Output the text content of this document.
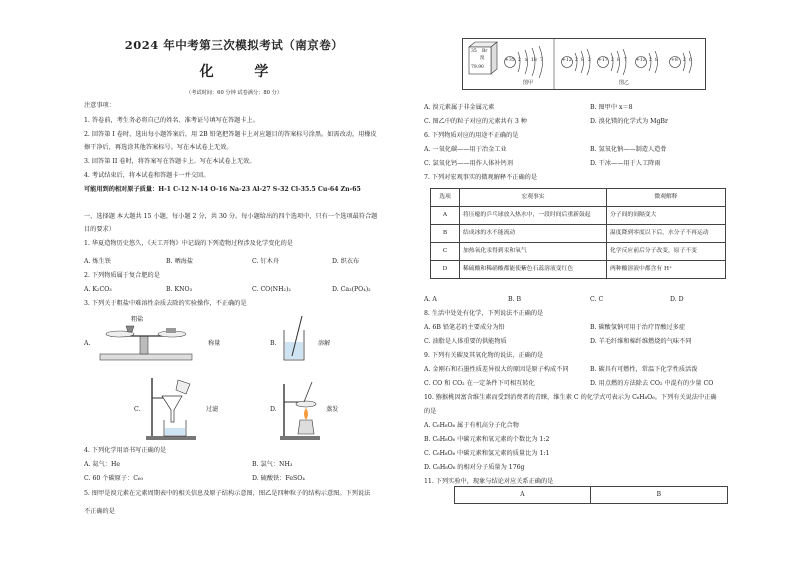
2024 年中考第三次模拟考试（南京卷）
化 学
（考试时间：60 分钟 试卷满分：80 分）
注意事项：
1. 答卷前，考生务必将自己的姓名、准考证号填写在答题卡上。
2. 回答第 I 卷时，选出每小题答案后，用 2B 铅笔把答题卡上对应题目的答案标号涂黑。如需改动，用橡皮
擦干净后，再选涂其他答案标号。写在本试卷上无效。
3. 回答第 II 卷时，将答案写在答题卡上。写在本试卷上无效。
4. 考试结束后，将本试卷和答题卡一并交回。
可能用到的相对原子质量：H-1 C-12 N-14 O-16 Na-23 Al-27 S-32 Cl-35.5 Cu-64 Zn-65
一、选择题 本大题共 15 小题，每小题 2 分，共 30 分。每小题给出的四个选项中，只有一个选项最符合题
目的要求）
1. 华夏造物历史悠久，《天工开物》中记载的下列造物过程涉及化学变化的是
A. 炼生铁	B. 晒海盐	C. 钉木舟	D. 织衣布
2. 下列物质属于复合肥的是
A. K₂CO₃	B. KNO₃	C. CO(NH₂)₂	D. Ca₃(PO₄)₂
3. 下列关于粗盐中难溶性杂质去除的实验操作，不正确的是
A.
粗盐
称量	B.	溶解
C.	过滤	D.	蒸发
4. 下列化学用语书写正确的是
A. 氦气：He	B. 氯气：NH₃
C. 60 个碳原子：C₆₀	D. 硫酸铁：FeSO₄
5. 图甲是溴元素在元素周期表中的相关信息及原子结构示意图，图乙是四种粒子的结构示意图。下列说法
不正确的是
35 Br
溴
79.90
+35 2 x 18 7	+12 2 8 2 +17 2 8 7 +12 2 8	+8 2 6
图甲	图乙
A. 溴元素属于非金属元素	B. 图甲中 x＝8
C. 图乙中的粒子对应的元素共有 3 种	D. 溴化镁的化学式为 MgBr
6. 下列物质对应的用途不正确的是
A. 一氧化碳——用于冶金工业	B. 氢氧化钠——制造人造骨
C. 氯氧化钙——用作人体补钙剂	D. 干冰——用于人工降雨
7. 下列对宏观事实的微观解释不正确的是
选项	宏观事实	微观解释
A	将压瘪的乒乓球放入热水中，一段时间后重新鼓起	分子间的间隔变大
B	结成冰的水不能流动	温度降到零度以下后，水分子不再运动
C	加热氧化汞得到汞和氧气	化学反应前后分子改变，原子不变
D	稀硫酸和稀硝酸都能使紫色石蕊溶液变红色	两种酸溶液中都含有 H⁺
A. A	B. B	C. C	D. D
8. 生活中处处有化学，下列说法不正确的是
A. 6B 铅笔芯的主要成分为铅	B. 碳酸氢钠可用于治疗胃酸过多症
C. 油脂是人体重要的供能物质	D. 羊毛纤维和棉纤维燃烧的气味不同
9. 下列有关碳及其氧化物的说法，正确的是
A. 金刚石和石墨性质差异很大的原因是原子构成不同	B. 碳具有可燃性，常温下化学性质活泼
C. CO 和 CO₂ 在一定条件下可相互转化	D. 用点燃的方法除去 CO₂ 中混有的少量 CO
10. 猕猴桃因富含维生素而受到消费者的青睐，维生素 C 的化学式可表示为 C₆H₈O₆。下列有关说法中正确
的是
A. C₆H₈O₆ 属于有机高分子化合物
B. C₆H₈O₆ 中碳元素和氧元素的个数比为 1:2
C. C₆H₈O₆ 中碳元素和氢元素的质量比为 1:1
D. C₆H₈O₆ 的相对分子质量为 176g
11. 下列实验中，现象与结论对应关系正确的是
A	B
